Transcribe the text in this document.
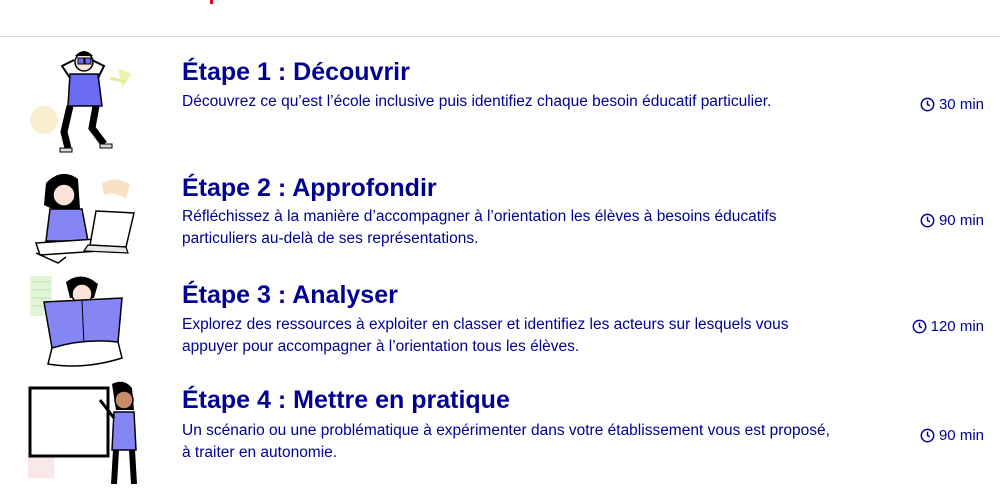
Étape 1 : Découvrir

Découvrez ce qu’est l’école inclusive puis identifiez chaque besoin éducatif particulier.	30 min
Étape 2 : Approfondir

Réfléchissez à la manière d’accompagner à l’orientation les élèves à besoins éducatifs particuliers au-delà de ses représentations.

90 min
Étape 3 : Analyser

Explorez des ressources à exploiter en classer et identifiez les acteurs sur lesquels vous appuyer pour accompagner à l’orientation tous les élèves.

120 min
Étape 4 : Mettre en pratique

Un scénario ou une problématique à expérimenter dans votre établissement vous est proposé, à traiter en autonomie.

90 min
